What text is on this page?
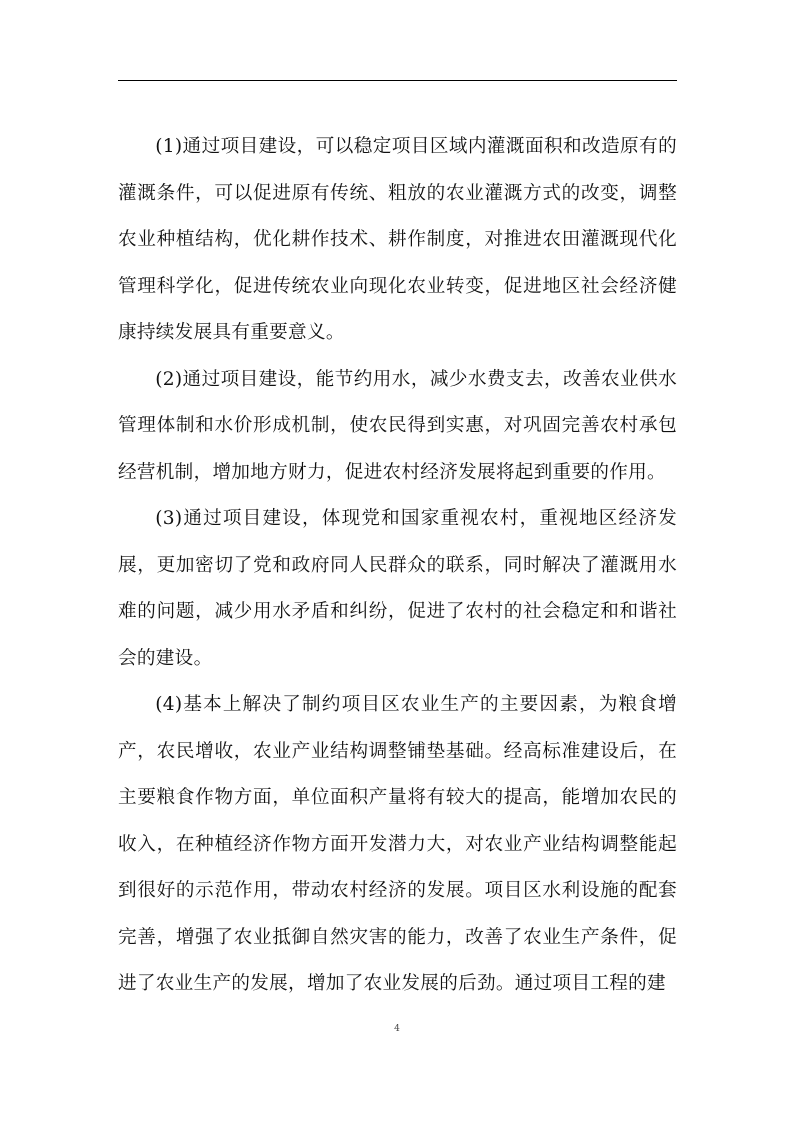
(1)通过项目建设，可以稳定项目区域内灌溉面积和改造原有的灌溉条件，可以促进原有传统、粗放的农业灌溉方式的改变，调整农业种植结构，优化耕作技术、耕作制度，对推进农田灌溉现代化管理科学化，促进传统农业向现化农业转变，促进地区社会经济健康持续发展具有重要意义。

(2)通过项目建设，能节约用水，减少水费支去，改善农业供水管理体制和水价形成机制，使农民得到实惠，对巩固完善农村承包经营机制，增加地方财力，促进农村经济发展将起到重要的作用。

(3)通过项目建设，体现党和国家重视农村，重视地区经济发展，更加密切了党和政府同人民群众的联系，同时解决了灌溉用水难的问题，减少用水矛盾和纠纷，促进了农村的社会稳定和和谐社会的建设。

(4)基本上解决了制约项目区农业生产的主要因素，为粮食增产，农民增收，农业产业结构调整铺垫基础。经高标准建设后，在主要粮食作物方面，单位面积产量将有较大的提高，能增加农民的收入，在种植经济作物方面开发潜力大，对农业产业结构调整能起到很好的示范作用，带动农村经济的发展。项目区水利设施的配套完善，增强了农业抵御自然灾害的能力，改善了农业生产条件，促进了农业生产的发展，增加了农业发展的后劲。通过项目工程的建

4
